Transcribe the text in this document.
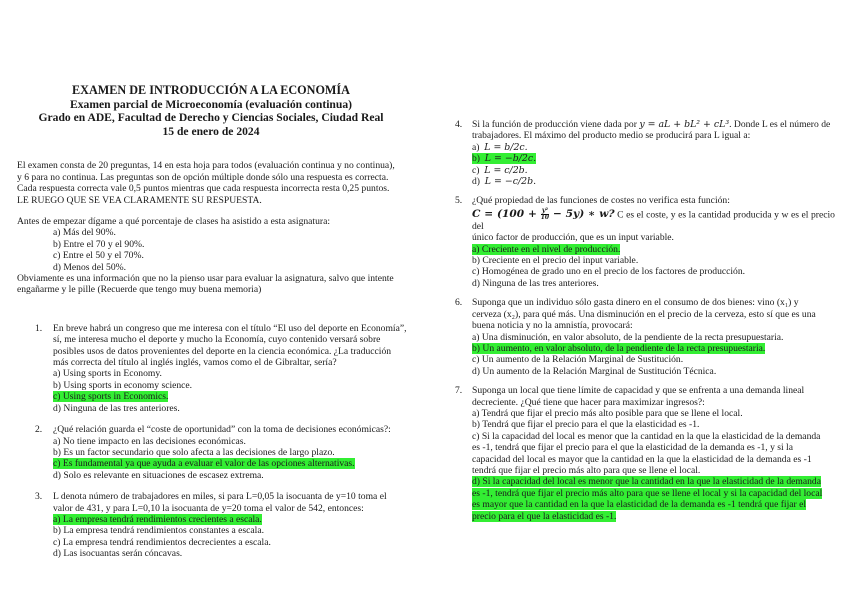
EXAMEN DE INTRODUCCIÓN A LA ECONOMÍA
Examen parcial de Microeconomía (evaluación continua)
Grado en ADE, Facultad de Derecho y Ciencias Sociales, Ciudad Real
15 de enero de 2024

El examen consta de 20 preguntas, 14 en esta hoja para todos (evaluación continua y no continua),

y 6 para no continua. Las preguntas son de opción múltiple donde sólo una respuesta es correcta.

Cada respuesta correcta vale 0,5 puntos mientras que cada respuesta incorrecta resta 0,25 puntos.

LE RUEGO QUE SE VEA CLARAMENTE SU RESPUESTA.

Antes de empezar dígame a qué porcentaje de clases ha asistido a esta asignatura:

a) Más del 90%.
b) Entre el 70 y el 90%.
c) Entre el 50 y el 70%.
d) Menos del 50%.

Obviamente es una información que no la pienso usar para evaluar la asignatura, salvo que intente

engañarme y le pille (Recuerde que tengo muy buena memoria)

1. En breve habrá un congreso que me interesa con el título “El uso del deporte en Economía”,

sí, me interesa mucho el deporte y mucho la Economía, cuyo contenido versará sobre

posibles usos de datos provenientes del deporte en la ciencia económica. ¿La traducción

más correcta del título al inglés inglés, vamos como el de Gibraltar, sería?

a) Using sports in Economy.
b) Using sports in economy science.
c) Using sports in Economics.
d) Ninguna de las tres anteriores.
2. ¿Qué relación guarda el “coste de oportunidad” con la toma de decisiones económicas?:

a) No tiene impacto en las decisiones económicas.
b) Es un factor secundario que solo afecta a las decisiones de largo plazo.
c) Es fundamental ya que ayuda a evaluar el valor de las opciones alternativas.
d) Solo es relevante en situaciones de escasez extrema.
3. L denota número de trabajadores en miles, si para L=0,05 la isocuanta de y=10 toma el

valor de 431, y para L=0,10 la isocuanta de y=20 toma el valor de 542, entonces:

a) La empresa tendrá rendimientos crecientes a escala.
b) La empresa tendrá rendimientos constantes a escala.
c) La empresa tendrá rendimientos decrecientes a escala.
d) Las isocuantas serán cóncavas.
4. Si la función de producción viene dada por y = aL + bL² + cL³. Donde L es el número de

trabajadores. El máximo del producto medio se producirá para L igual a:

a) L = b/2c.
b) L = −b/2c.
c) L = c/2b.
d) L = −c/2b.
5. ¿Qué propiedad de las funciones de costes no verifica esta función:

$C = (100 + \frac{\text{y²}}{10} - 5y)$ ∗ w? C es el coste, y es la cantidad producida y w es el precio del

único factor de producción, que es un input variable.

a) Creciente en el nivel de producción.
b) Creciente en el precio del input variable.
c) Homogénea de grado uno en el precio de los factores de producción.
d) Ninguna de las tres anteriores.
6. Suponga que un individuo sólo gasta dinero en el consumo de dos bienes: vino (x₁) y

cerveza (x₂), para qué más. Una disminución en el precio de la cerveza, esto sí que es una

buena noticia y no la amnistía, provocará:

a) Una disminución, en valor absoluto, de la pendiente de la recta presupuestaria.
b) Un aumento, en valor absoluto, de la pendiente de la recta presupuestaria.
c) Un aumento de la Relación Marginal de Sustitución.
d) Un aumento de la Relación Marginal de Sustitución Técnica.
7. Suponga un local que tiene límite de capacidad y que se enfrenta a una demanda lineal

decreciente. ¿Qué tiene que hacer para maximizar ingresos?:

a) Tendrá que fijar el precio más alto posible para que se llene el local.
b) Tendrá que fijar el precio para el que la elasticidad es -1.
c) Si la capacidad del local es menor que la cantidad en la que la elasticidad de la demanda
es -1, tendrá que fijar el precio para el que la elasticidad de la demanda es -1, y si la
capacidad del local es mayor que la cantidad en la que la elasticidad de la demanda es -1
tendrá que fijar el precio más alto para que se llene el local.
d) Si la capacidad del local es menor que la cantidad en la que la elasticidad de la demanda
es -1, tendrá que fijar el precio más alto para que se llene el local y si la capacidad del local
es mayor que la cantidad en la que la elasticidad de la demanda es -1 tendrá que fijar el
precio para el que la elasticidad es -1.
